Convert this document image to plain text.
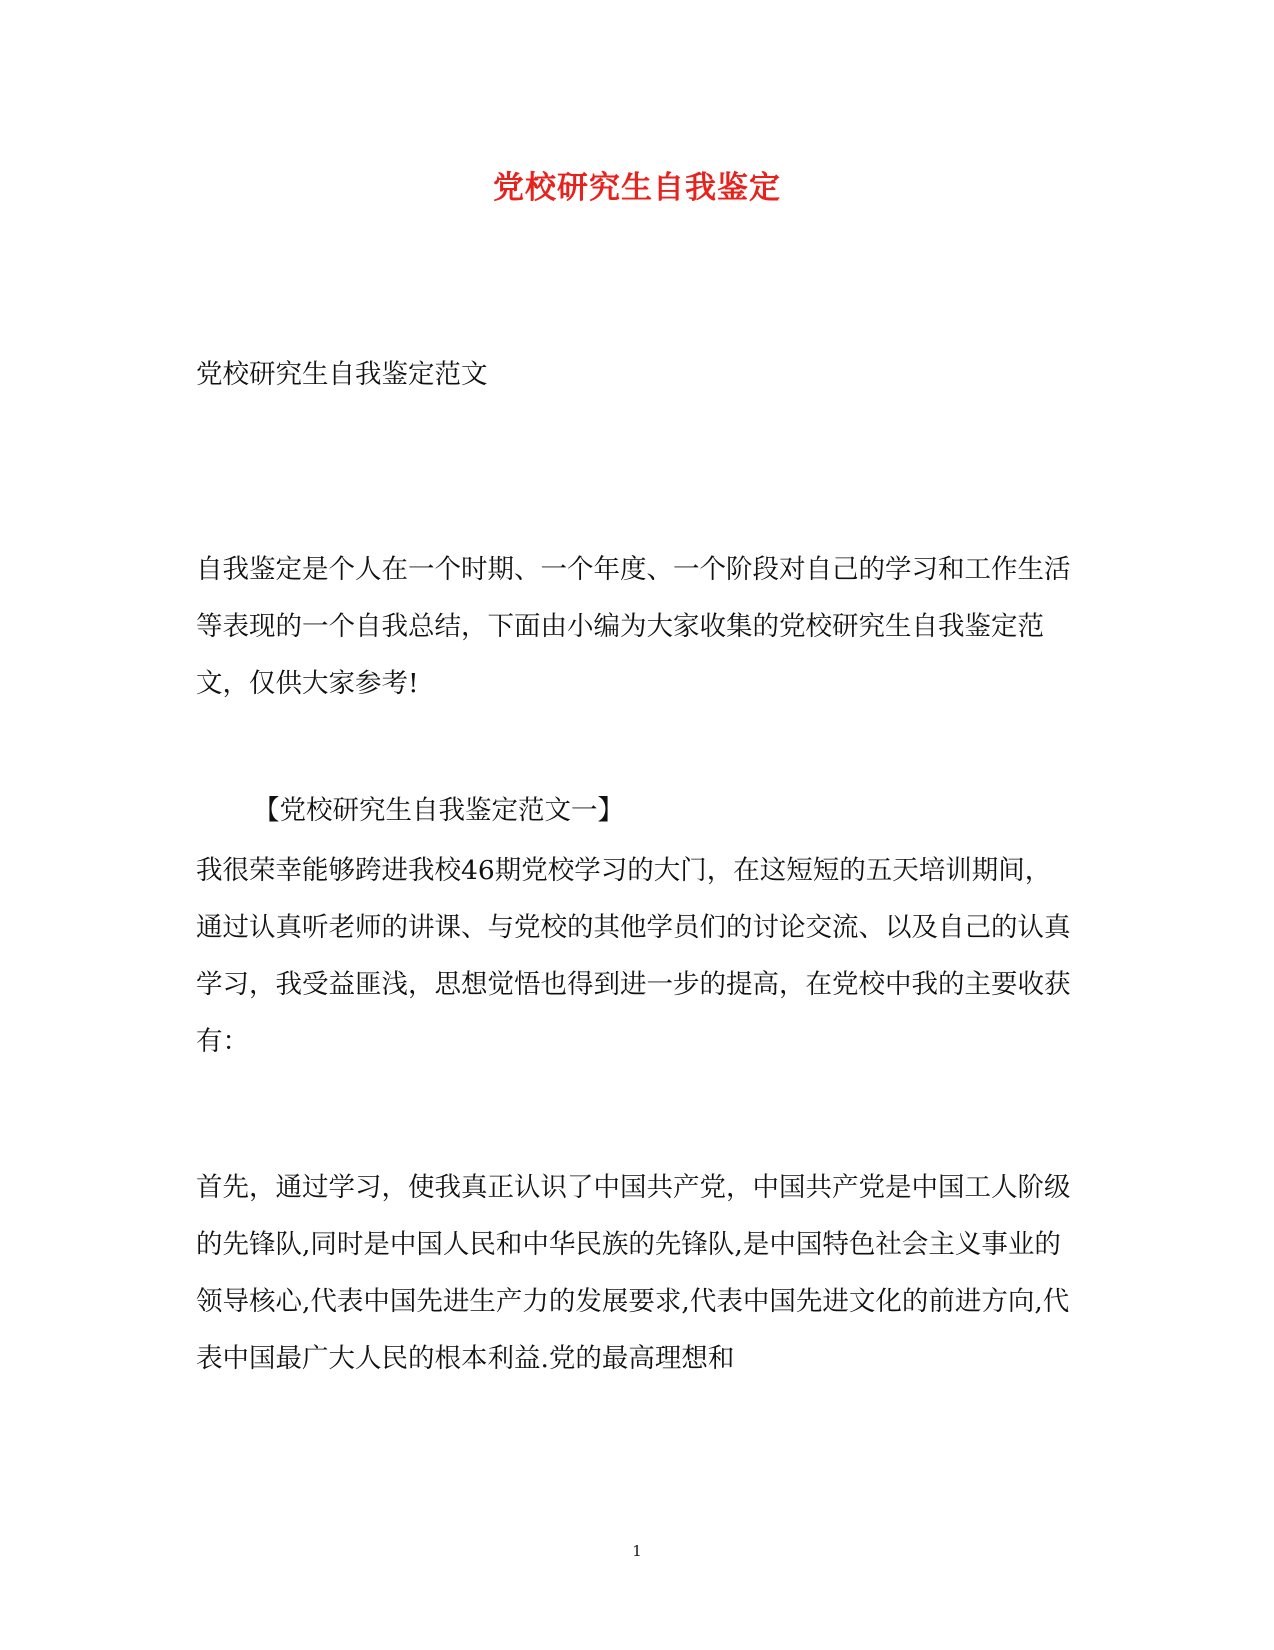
党校研究生自我鉴定

党校研究生自我鉴定范文

自我鉴定是个人在一个时期、一个年度、一个阶段对自己的学习和工作生活等表现的一个自我总结，下面由小编为大家收集的党校研究生自我鉴定范文，仅供大家参考!

【党校研究生自我鉴定范文一】

我很荣幸能够跨进我校46期党校学习的大门，在这短短的五天培训期间，通过认真听老师的讲课、与党校的其他学员们的讨论交流、以及自己的认真学习，我受益匪浅，思想觉悟也得到进一步的提高，在党校中我的主要收获有：

首先，通过学习，使我真正认识了中国共产党，中国共产党是中国工人阶级的先锋队,同时是中国人民和中华民族的先锋队,是中国特色社会主义事业的领导核心,代表中国先进生产力的发展要求,代表中国先进文化的前进方向,代表中国最广大人民的根本利益.党的最高理想和

1
